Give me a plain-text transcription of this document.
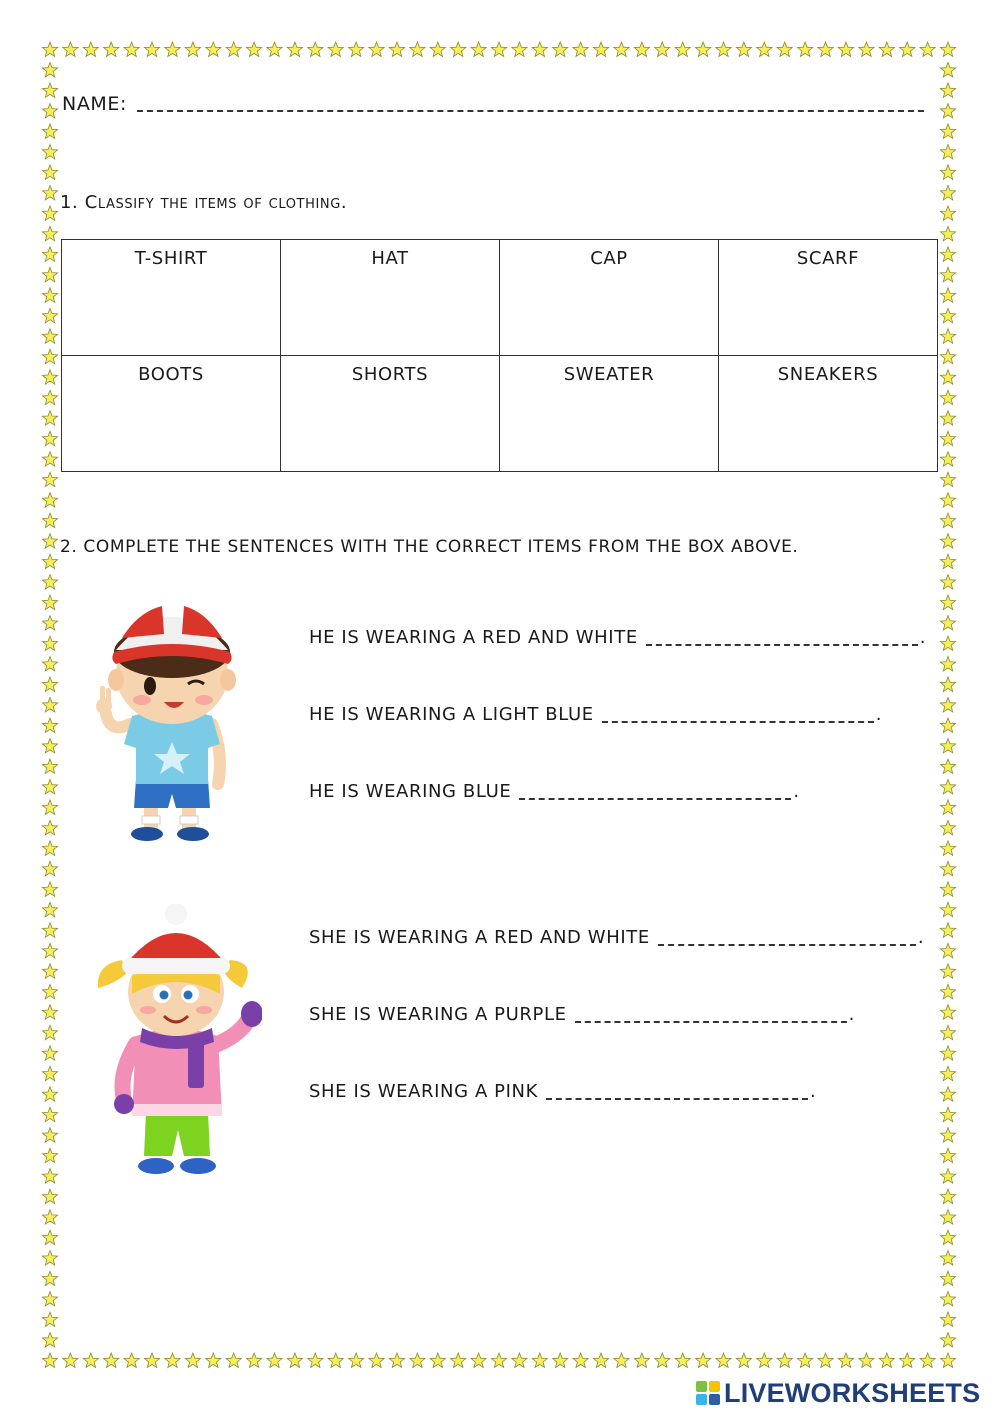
NAME:
1. Classify the items of clothing.
T-SHIRT	HAT	CAP	SCARF
BOOTS	SHORTS	SWEATER	SNEAKERS
2. COMPLETE THE SENTENCES WITH THE CORRECT ITEMS FROM THE BOX ABOVE.
HE IS WEARING A RED AND WHITE	.
HE IS WEARING A LIGHT BLUE	.
HE IS WEARING BLUE	.
SHE IS WEARING A RED AND WHITE	.
SHE IS WEARING A PURPLE	.
SHE IS WEARING A PINK	.
LIVEWORKSHEETS
